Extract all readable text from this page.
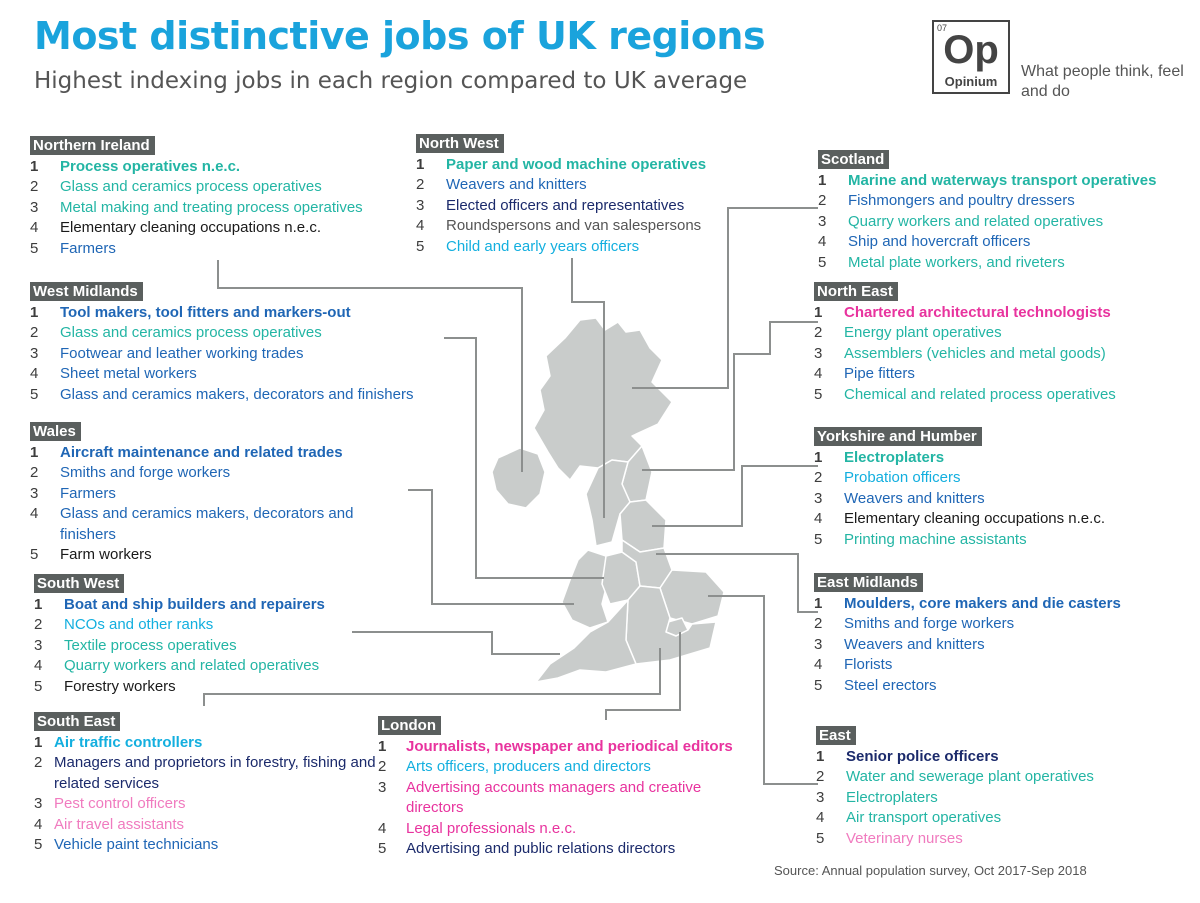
Most distinctive jobs of UK regions
Highest indexing jobs in each region compared to UK average
07
Op
Opinium
What people think, feel and do
Northern Ireland
1	Process operatives n.e.c.
2	Glass and ceramics process operatives
3	Metal making and treating process operatives
4	Elementary cleaning occupations n.e.c.
5	Farmers
West Midlands
1	Tool makers, tool fitters and markers-out
2	Glass and ceramics process operatives
3	Footwear and leather working trades
4	Sheet metal workers
5	Glass and ceramics makers, decorators and finishers
Wales
1	Aircraft maintenance and related trades
2	Smiths and forge workers
3	Farmers
4	Glass and ceramics makers, decorators and finishers
5	Farm workers
South West
1	Boat and ship builders and repairers
2	NCOs and other ranks
3	Textile process operatives
4	Quarry workers and related operatives
5	Forestry workers
South East
1 Air traffic controllers
2 Managers and proprietors in forestry, fishing and related services
3 Pest control officers
4 Air travel assistants
5 Vehicle paint technicians
North West
1	Paper and wood machine operatives
2	Weavers and knitters
3	Elected officers and representatives
4	Roundspersons and van salespersons
5	Child and early years officers
London
1	Journalists, newspaper and periodical editors
2	Arts officers, producers and directors
3	Advertising accounts managers and creative directors
4	Legal professionals n.e.c.
5	Advertising and public relations directors
Scotland
1	Marine and waterways transport operatives
2	Fishmongers and poultry dressers
3	Quarry workers and related operatives
4	Ship and hovercraft officers
5	Metal plate workers, and riveters
North East
1	Chartered architectural technologists
2	Energy plant operatives
3	Assemblers (vehicles and metal goods)
4	Pipe fitters
5	Chemical and related process operatives
Yorkshire and Humber
1	Electroplaters
2	Probation officers
3	Weavers and knitters
4	Elementary cleaning occupations n.e.c.
5	Printing machine assistants
East Midlands
1	Moulders, core makers and die casters
2	Smiths and forge workers
3	Weavers and knitters
4	Florists
5	Steel erectors
East
1	Senior police officers
2	Water and sewerage plant operatives
3	Electroplaters
4	Air transport operatives
5	Veterinary nurses
Source: Annual population survey, Oct 2017-Sep 2018
